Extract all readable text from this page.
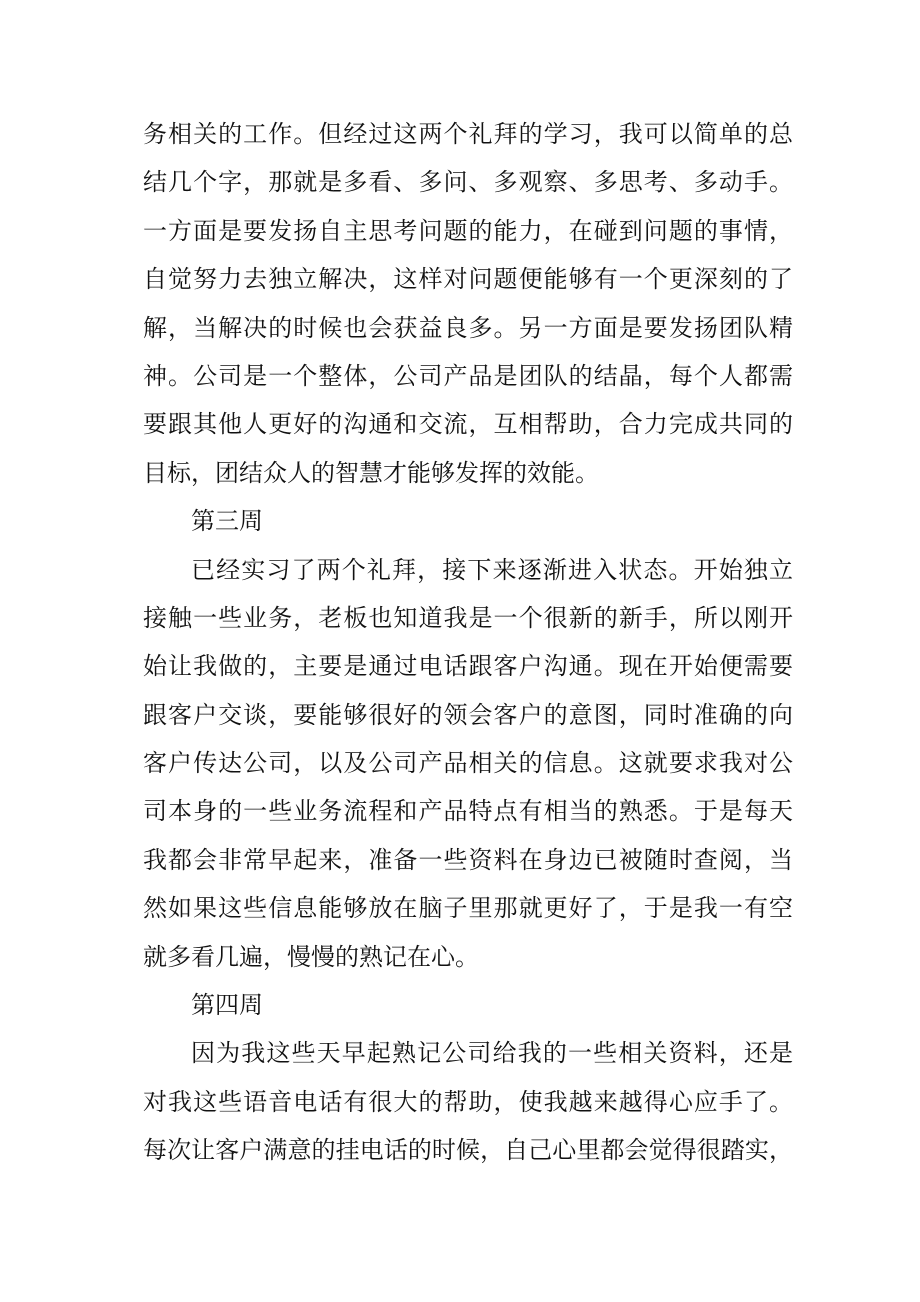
务相关的工作。但经过这两个礼拜的学习，我可以简单的总
结几个字，那就是多看、多问、多观察、多思考、多动手。
一方面是要发扬自主思考问题的能力，在碰到问题的事情，
自觉努力去独立解决，这样对问题便能够有一个更深刻的了
解，当解决的时候也会获益良多。另一方面是要发扬团队精
神。公司是一个整体，公司产品是团队的结晶，每个人都需
要跟其他人更好的沟通和交流，互相帮助，合力完成共同的
目标，团结众人的智慧才能够发挥的效能。
第三周
已经实习了两个礼拜，接下来逐渐进入状态。开始独立
接触一些业务，老板也知道我是一个很新的新手，所以刚开
始让我做的，主要是通过电话跟客户沟通。现在开始便需要
跟客户交谈，要能够很好的领会客户的意图，同时准确的向
客户传达公司，以及公司产品相关的信息。这就要求我对公
司本身的一些业务流程和产品特点有相当的熟悉。于是每天
我都会非常早起来，准备一些资料在身边已被随时查阅，当
然如果这些信息能够放在脑子里那就更好了，于是我一有空
就多看几遍，慢慢的熟记在心。
第四周
因为我这些天早起熟记公司给我的一些相关资料，还是
对我这些语音电话有很大的帮助，使我越来越得心应手了。
每次让客户满意的挂电话的时候，自己心里都会觉得很踏实，
